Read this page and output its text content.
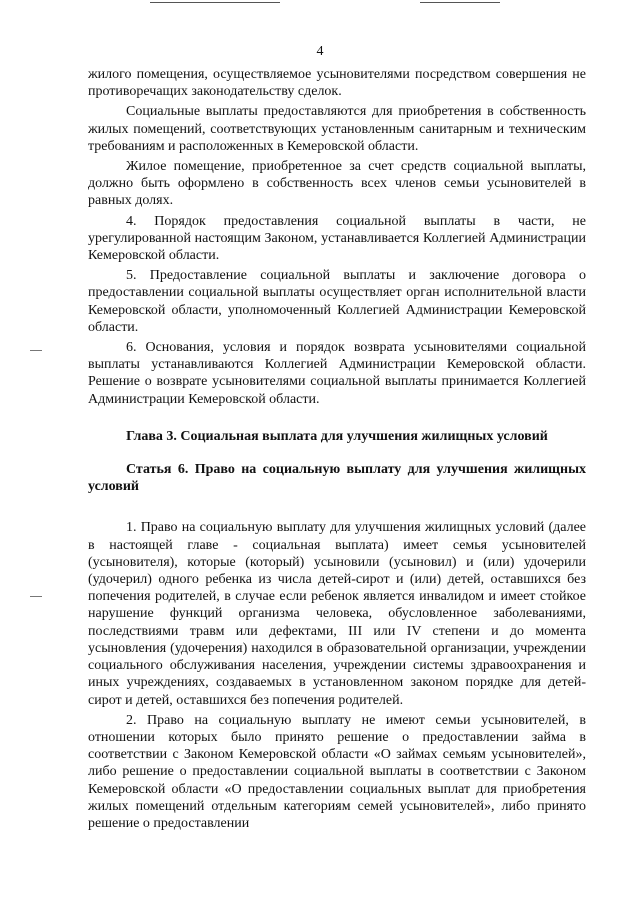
4

жилого помещения, осуществляемое усыновителями посредством совершения не противоречащих законодательству сделок.

Социальные выплаты предоставляются для приобретения в собственность жилых помещений, соответствующих установленным санитарным и техническим требованиям и расположенных в Кемеровской области.

Жилое помещение, приобретенное за счет средств социальной выплаты, должно быть оформлено в собственность всех членов семьи усыновителей в равных долях.

4. Порядок предоставления социальной выплаты в части, не урегулированной настоящим Законом, устанавливается Коллегией Администрации Кемеровской области.

5. Предоставление социальной выплаты и заключение договора о предоставлении социальной выплаты осуществляет орган исполнительной власти Кемеровской области, уполномоченный Коллегией Администрации Кемеровской области.

6. Основания, условия и порядок возврата усыновителями социальной выплаты устанавливаются Коллегией Администрации Кемеровской области. Решение о возврате усыновителями социальной выплаты принимается Коллегией Администрации Кемеровской области.

Глава 3. Социальная выплата для улучшения жилищных условий

Статья 6. Право на социальную выплату для улучшения жилищных условий

1. Право на социальную выплату для улучшения жилищных условий (далее в настоящей главе - социальная выплата) имеет семья усыновителей (усыновителя), которые (который) усыновили (усыновил) и (или) удочерили (удочерил) одного ребенка из числа детей-сирот и (или) детей, оставшихся без попечения родителей, в случае если ребенок является инвалидом и имеет стойкое нарушение функций организма человека, обусловленное заболеваниями, последствиями травм или дефектами, III или IV степени и до момента усыновления (удочерения) находился в образовательной организации, учреждении социального обслуживания населения, учреждении системы здравоохранения и иных учреждениях, создаваемых в установленном законом порядке для детей-сирот и детей, оставшихся без попечения родителей.

2. Право на социальную выплату не имеют семьи усыновителей, в отношении которых было принято решение о предоставлении займа в соответствии с Законом Кемеровской области «О займах семьям усыновителей», либо решение о предоставлении социальной выплаты в соответствии с Законом Кемеровской области «О предоставлении социальных выплат для приобретения жилых помещений отдельным категориям семей усыновителей», либо принято решение о предоставлении
